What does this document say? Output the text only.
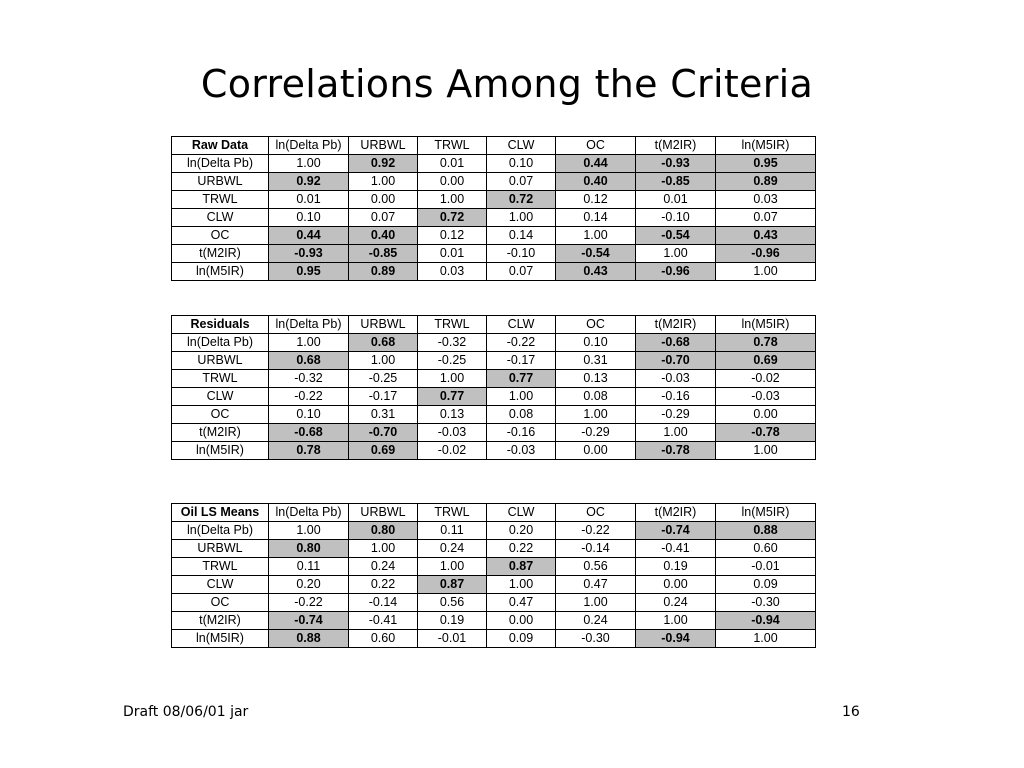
Correlations Among the Criteria
Raw Data	ln(Delta Pb)	URBWL	TRWL	CLW	OC	t(M2IR)	ln(M5IR)
ln(Delta Pb)	1.00	0.92	0.01	0.10	0.44	-0.93	0.95
URBWL	0.92	1.00	0.00	0.07	0.40	-0.85	0.89
TRWL	0.01	0.00	1.00	0.72	0.12	0.01	0.03
CLW	0.10	0.07	0.72	1.00	0.14	-0.10	0.07
OC	0.44	0.40	0.12	0.14	1.00	-0.54	0.43
t(M2IR)	-0.93	-0.85	0.01	-0.10	-0.54	1.00	-0.96
ln(M5IR)	0.95	0.89	0.03	0.07	0.43	-0.96	1.00
Residuals	ln(Delta Pb)	URBWL	TRWL	CLW	OC	t(M2IR)	ln(M5IR)
ln(Delta Pb)	1.00	0.68	-0.32	-0.22	0.10	-0.68	0.78
URBWL	0.68	1.00	-0.25	-0.17	0.31	-0.70	0.69
TRWL	-0.32	-0.25	1.00	0.77	0.13	-0.03	-0.02
CLW	-0.22	-0.17	0.77	1.00	0.08	-0.16	-0.03
OC	0.10	0.31	0.13	0.08	1.00	-0.29	0.00
t(M2IR)	-0.68	-0.70	-0.03	-0.16	-0.29	1.00	-0.78
ln(M5IR)	0.78	0.69	-0.02	-0.03	0.00	-0.78	1.00
Oil LS Means	ln(Delta Pb)	URBWL	TRWL	CLW	OC	t(M2IR)	ln(M5IR)
ln(Delta Pb)	1.00	0.80	0.11	0.20	-0.22	-0.74	0.88
URBWL	0.80	1.00	0.24	0.22	-0.14	-0.41	0.60
TRWL	0.11	0.24	1.00	0.87	0.56	0.19	-0.01
CLW	0.20	0.22	0.87	1.00	0.47	0.00	0.09
OC	-0.22	-0.14	0.56	0.47	1.00	0.24	-0.30
t(M2IR)	-0.74	-0.41	0.19	0.00	0.24	1.00	-0.94
ln(M5IR)	0.88	0.60	-0.01	0.09	-0.30	-0.94	1.00
Draft 08/06/01 jar	16
